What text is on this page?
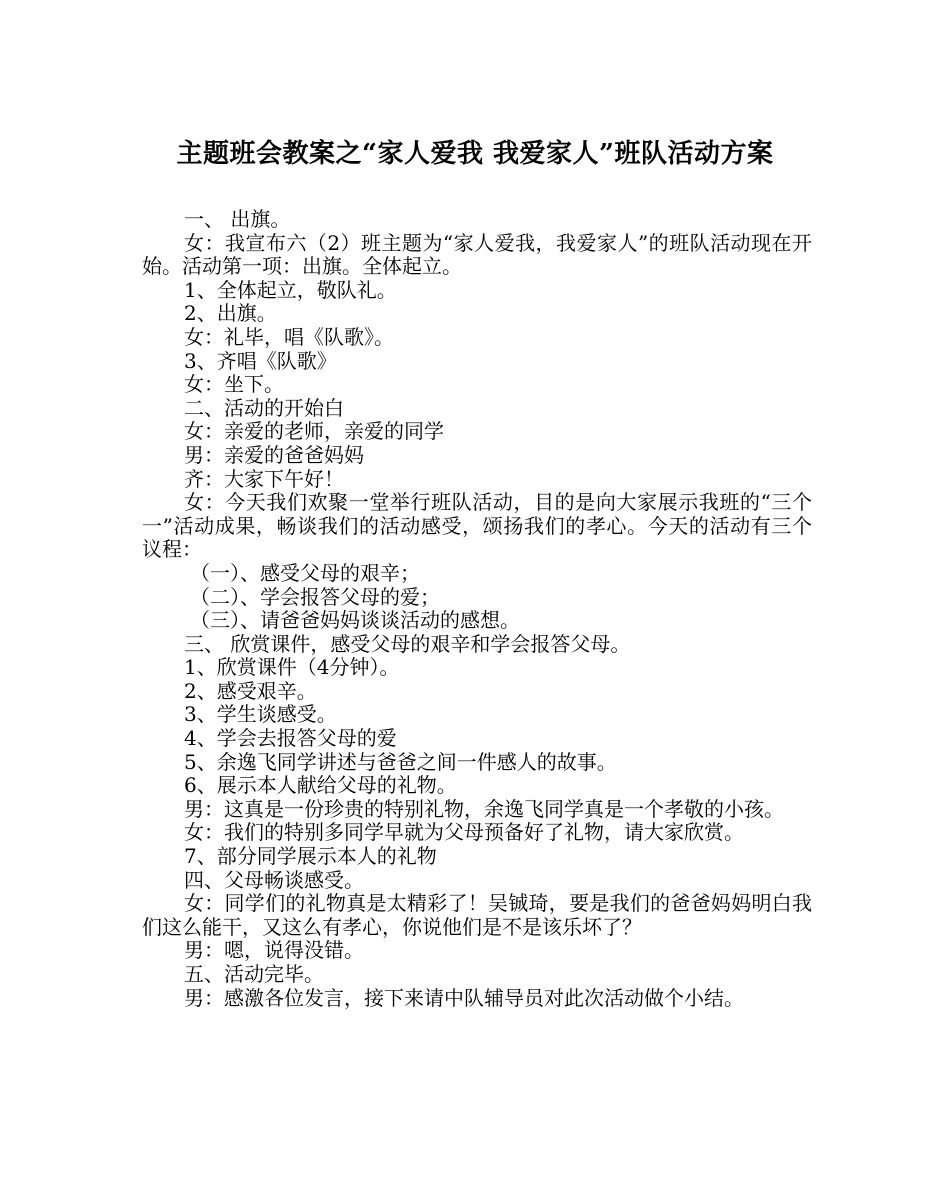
主题班会教案之“家人爱我 我爱家人”班队活动方案

一、 出旗。

女：我宣布六（2）班主题为“家人爱我，我爱家人”的班队活动现在开始。活动第一项：出旗。全体起立。

1、全体起立，敬队礼。

2、出旗。

女：礼毕，唱《队歌》。

3、齐唱《队歌》

女：坐下。

二、活动的开始白

女：亲爱的老师，亲爱的同学

男：亲爱的爸爸妈妈

齐：大家下午好！

女：今天我们欢聚一堂举行班队活动，目的是向大家展示我班的“三个一”活动成果，畅谈我们的活动感受，颂扬我们的孝心。今天的活动有三个议程：

（一）、感受父母的艰辛；

（二）、学会报答父母的爱；

（三）、请爸爸妈妈谈谈活动的感想。

三、 欣赏课件，感受父母的艰辛和学会报答父母。

1、欣赏课件（4分钟）。

2、感受艰辛。

3、学生谈感受。

4、学会去报答父母的爱

5、余逸飞同学讲述与爸爸之间一件感人的故事。

6、展示本人献给父母的礼物。

男：这真是一份珍贵的特别礼物，余逸飞同学真是一个孝敬的小孩。

女：我们的特别多同学早就为父母预备好了礼物，请大家欣赏。

7、部分同学展示本人的礼物

四、父母畅谈感受。

女：同学们的礼物真是太精彩了！吴铖琦，要是我们的爸爸妈妈明白我们这么能干，又这么有孝心，你说他们是不是该乐坏了？

男：嗯，说得没错。

五、活动完毕。

男：感激各位发言，接下来请中队辅导员对此次活动做个小结。
